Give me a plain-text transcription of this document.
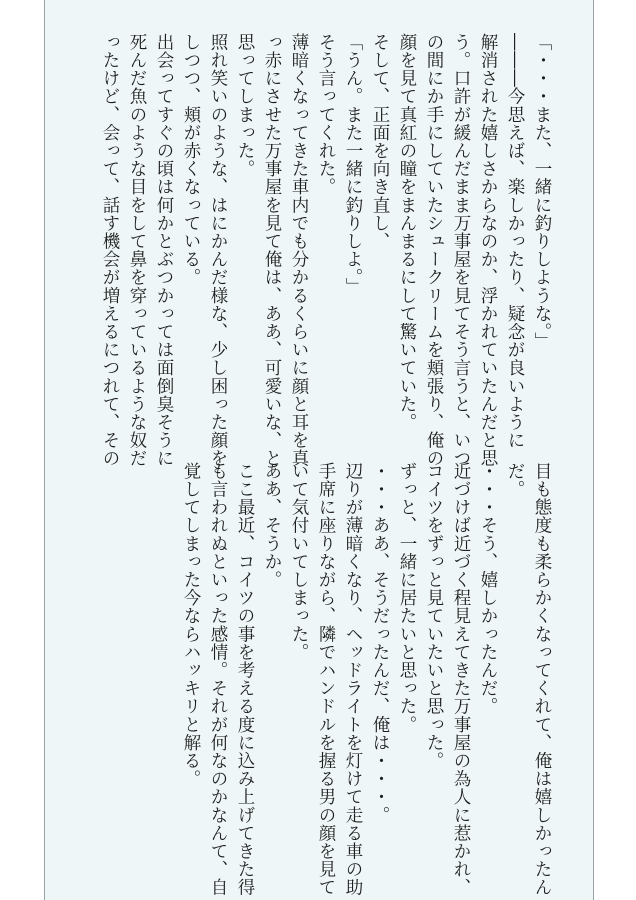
「・・・また、一緒に釣りしような。」
―――今思えば、楽しかったり、疑念が良いように
解消された嬉しさからなのか、浮かれていたんだと思
う。口許が緩んだまま万事屋を見てそう言うと、いつ
の間にか手にしていたシュークリームを頬張り、俺の
顔を見て真紅の瞳をまんまるにして驚いていた。
そして、正面を向き直し、
「うん。また一緒に釣りしよ。」
そう言ってくれた。
薄暗くなってきた車内でも分かるくらいに顔と耳を真
っ赤にさせた万事屋を見て俺は、ああ、可愛いな、と
思ってしまった。
照れ笑いのような、はにかんだ様な、少し困った顔を
しつつ、頬が赤くなっている。
出会ってすぐの頃は何かとぶつかっては面倒臭そうに
死んだ魚のような目をして鼻を穿っているような奴だ
ったけど、会って、話す機会が増えるにつれて、その
目も態度も柔らかくなってくれて、俺は嬉しかったん
だ。
・・・そう、嬉しかったんだ。
近づけば近づく程見えてきた万事屋の為人に惹かれ、
コイツをずっと見ていたいと思った。
ずっと、一緒に居たいと思った。
・・・ああ、そうだったんだ、俺は・・・。
辺りが薄暗くなり、ヘッドライトを灯けて走る車の助
手席に座りながら、隣でハンドルを握る男の顔を見て
いて気付いてしまった。
ああ、そうか。
ここ最近、コイツの事を考える度に込み上げてきた得
も言われぬといった感情。それが何なのかなんて、自
覚してしまった今ならハッキリと解る。
